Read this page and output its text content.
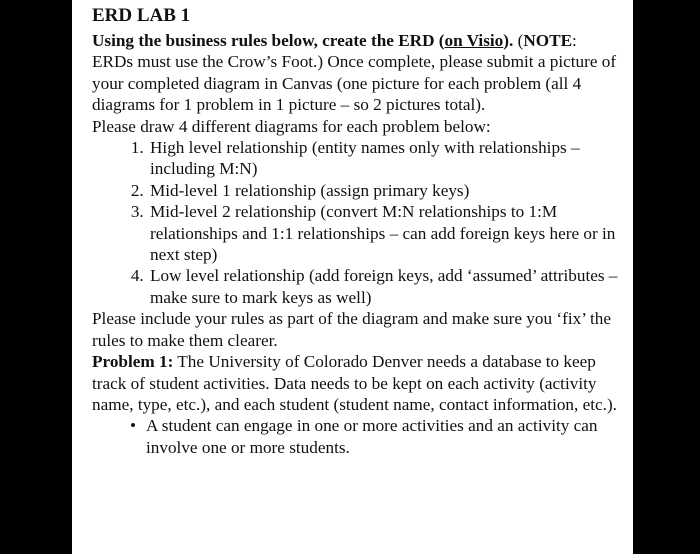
ERD LAB 1

Using the business rules below, create the ERD (on Visio). (NOTE: ERDs must use the Crow’s Foot.) Once complete, please submit a picture of your completed diagram in Canvas (one picture for each problem (all 4 diagrams for 1 problem in 1 picture – so 2 pictures total).

Please draw 4 different diagrams for each problem below:

1. High level relationship (entity names only with relationships – including M:N)
2. Mid-level 1 relationship (assign primary keys)
3. Mid-level 2 relationship (convert M:N relationships to 1:M relationships and 1:1 relationships – can add foreign keys here or in next step)
4. Low level relationship (add foreign keys, add ‘assumed’ attributes – make sure to mark keys as well)

Please include your rules as part of the diagram and make sure you ‘fix’ the rules to make them clearer.

Problem 1: The University of Colorado Denver needs a database to keep track of student activities. Data needs to be kept on each activity (activity name, type, etc.), and each student (student name, contact information, etc.).

• A student can engage in one or more activities and an activity can involve one or more students.
